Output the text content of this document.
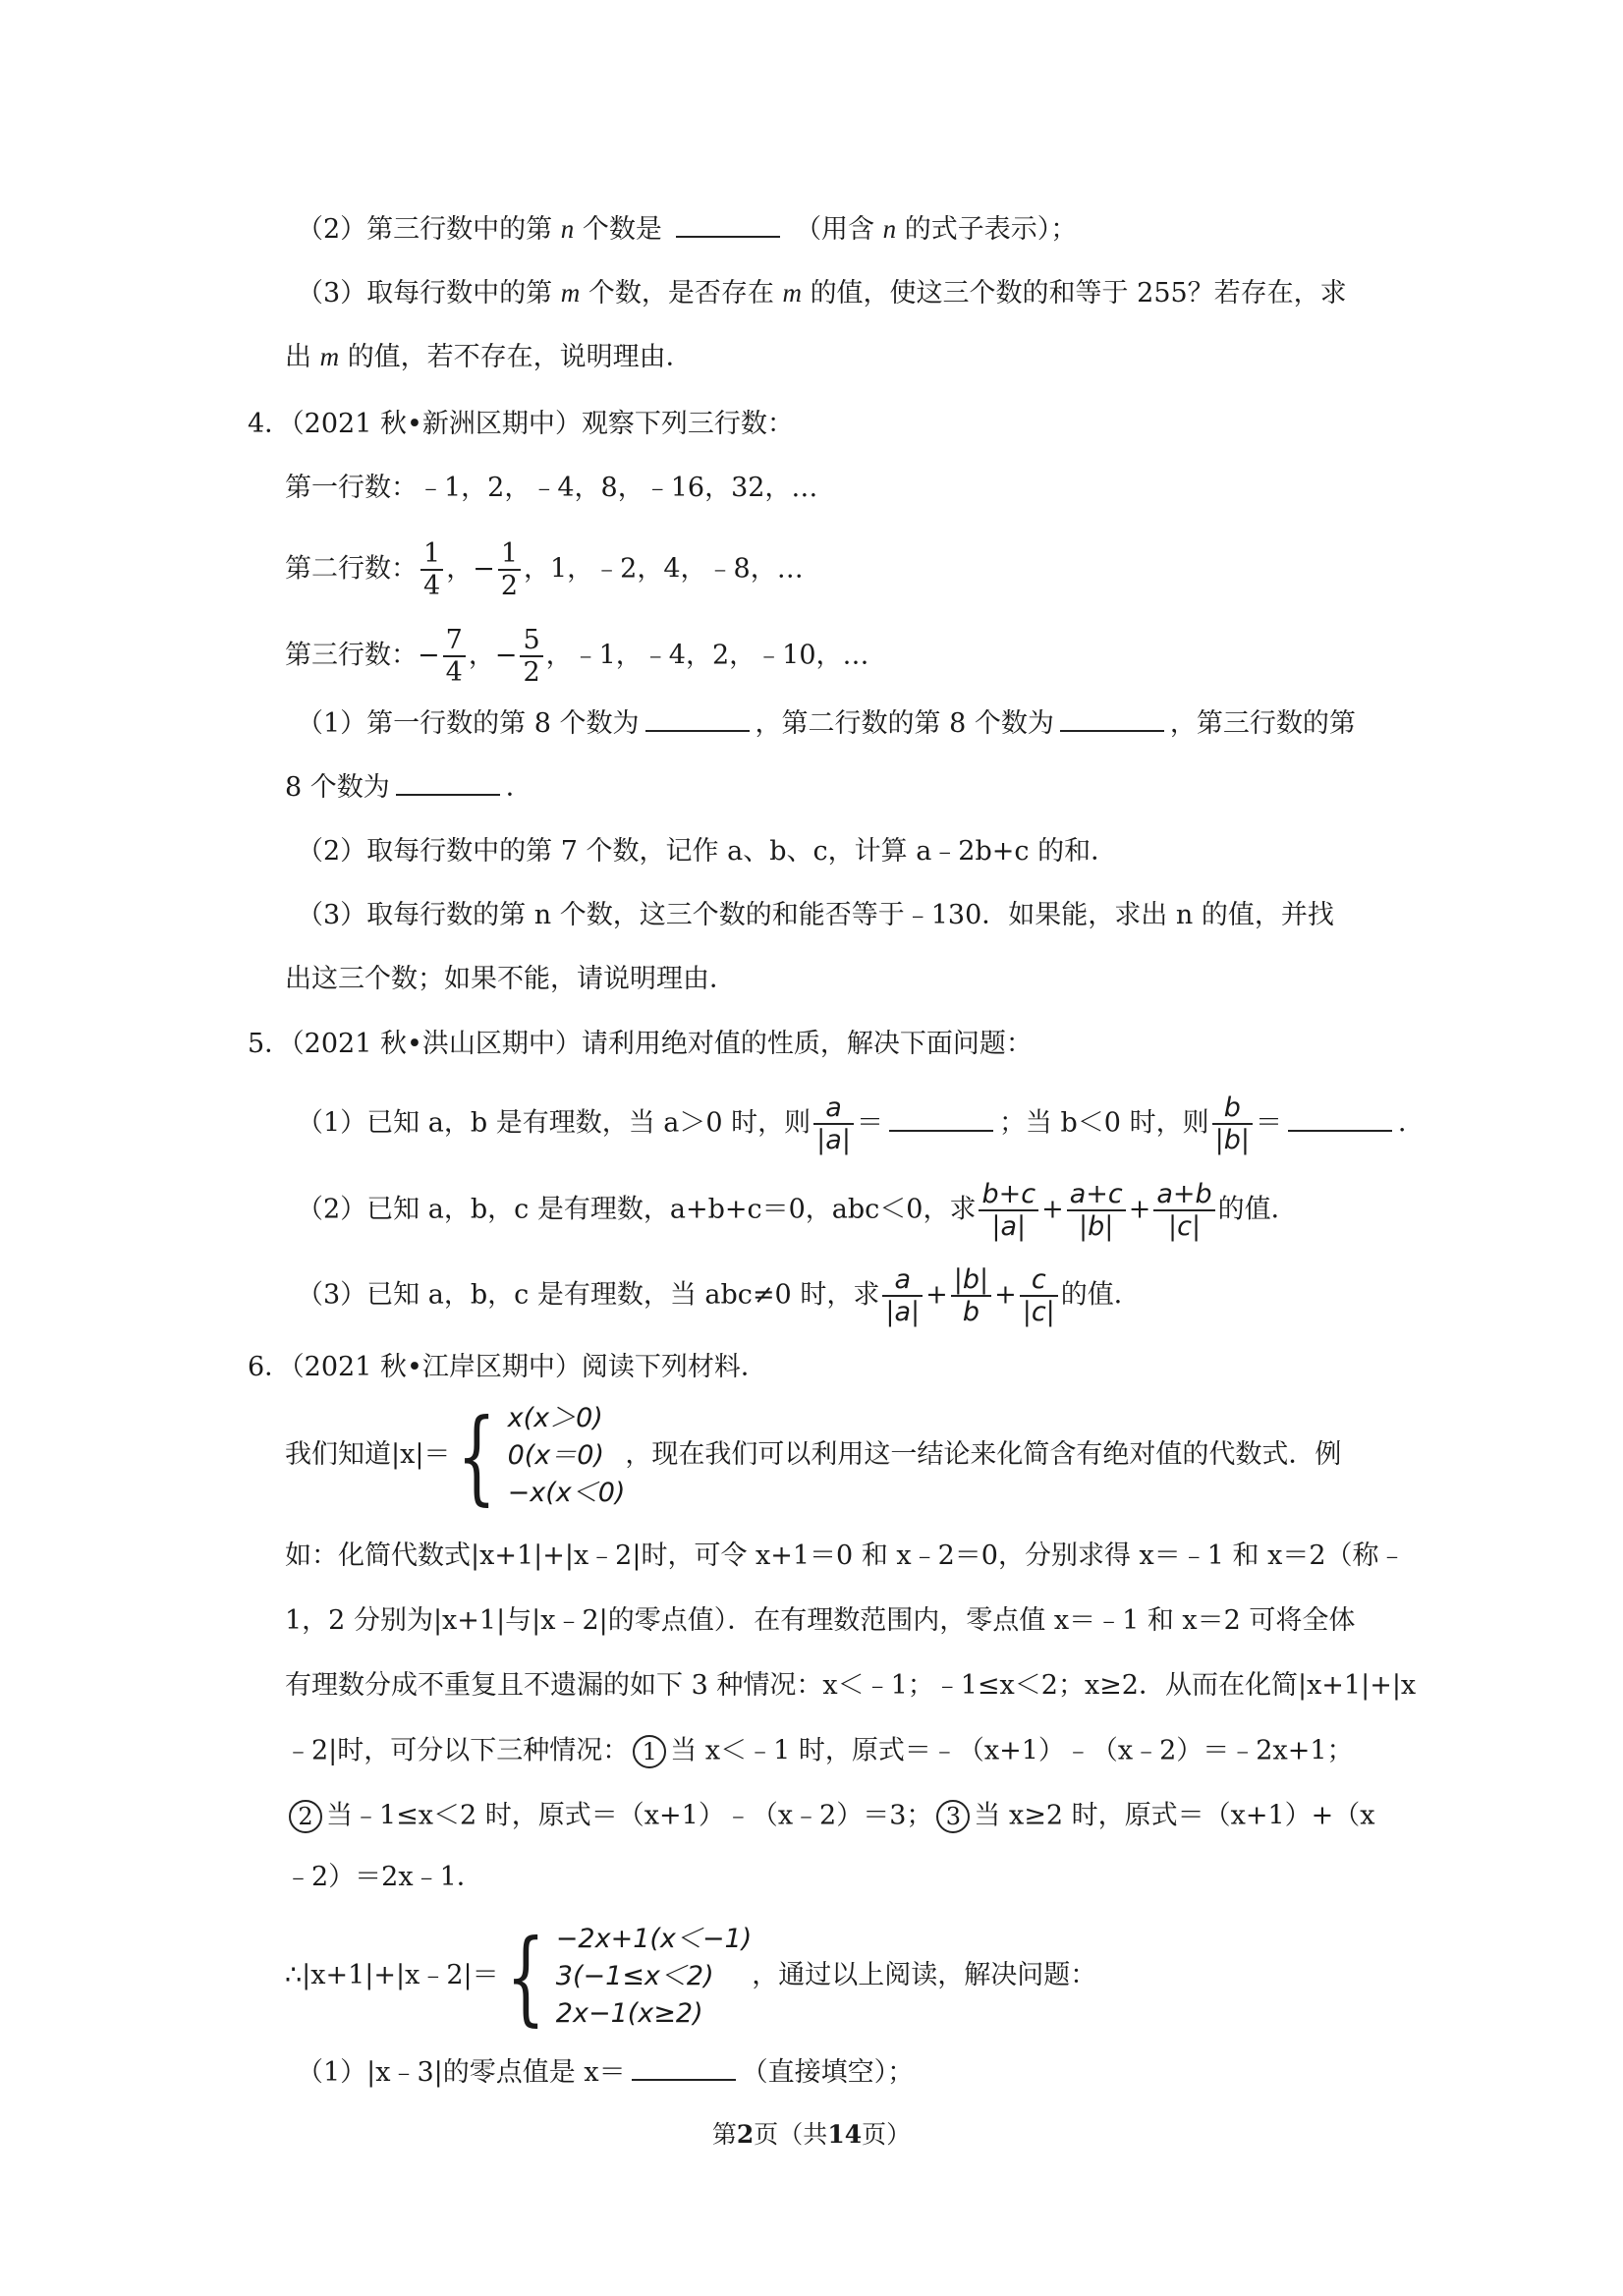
（2）第三行数中的第 n 个数是	（用含 n 的式子表示）；
（3）取每行数中的第 m 个数，是否存在 m 的值，使这三个数的和等于 255？若存在，求
出 m 的值，若不存在，说明理由．
4．（2021 秋•新洲区期中）观察下列三行数：
第一行数：﹣1，2，﹣4，8，﹣16，32，…
第二行数： $\frac{1}{4}$ ，− $\frac{1}{2}$ ，1，﹣2，4，﹣8，…
第三行数：− $\frac{7}{4}$ ，− $\frac{5}{2}$ ，﹣1，﹣4，2，﹣10，…
（1）第一行数的第 8 个数为	，第二行数的第 8 个数为	，第三行数的第
8 个数为	．
（2）取每行数中的第 7 个数，记作 a、b、c，计算 a﹣2b+c 的和．
（3）取每行数的第 n 个数，这三个数的和能否等于﹣130．如果能，求出 n 的值，并找
出这三个数；如果不能，请说明理由．
5．（2021 秋•洪山区期中）请利用绝对值的性质，解决下面问题：
（1）已知 a，b 是有理数，当 a＞0 时，则 $\frac{a}{|a|}$ ＝	；当 b＜0 时，则 $\frac{b}{|b|}$ ＝	．
（2）已知 a，b，c 是有理数，a+b+c＝0，abc＜0，求 $\frac{b+c}{|a|} + \frac{a+c}{|b|} + \frac{a+b}{|c|}$ 的值．
（3）已知 a，b，c 是有理数，当 abc≠0 时，求 $\frac{a}{|a|} + \frac{|b|}{b} + \frac{c}{|c|}$ 的值．
6．（2021 秋•江岸区期中）阅读下列材料．
我们知道|x|＝{ x(x＞0)
0(x＝0)
−x(x＜0)
，现在我们可以利用这一结论来化简含有绝对值的代数式．例
如：化简代数式|x+1|+|x﹣2|时，可令 x+1＝0 和 x﹣2＝0，分别求得 x＝﹣1 和 x＝2（称﹣
1，2 分别为|x+1|与|x﹣2|的零点值）．在有理数范围内，零点值 x＝﹣1 和 x＝2 可将全体
有理数分成不重复且不遗漏的如下 3 种情况：x＜﹣1；﹣1≤x＜2；x≥2．从而在化简|x+1|+|x
﹣2|时，可分以下三种情况： 1 当 x＜﹣1 时，原式＝﹣（x+1）﹣（x﹣2）＝﹣2x+1；
2 当﹣1≤x＜2 时，原式＝（x+1）﹣（x﹣2）＝3； 3 当 x≥2 时，原式＝（x+1）+（x
﹣2）＝2x﹣1．
∴|x+1|+|x﹣2|＝{ −2x+1(x＜−1)
3(−1≤x＜2)
2x−1(x≥2)
，通过以上阅读，解决问题：
（1）|x﹣3|的零点值是 x＝	（直接填空）；
第2页（共14页）
